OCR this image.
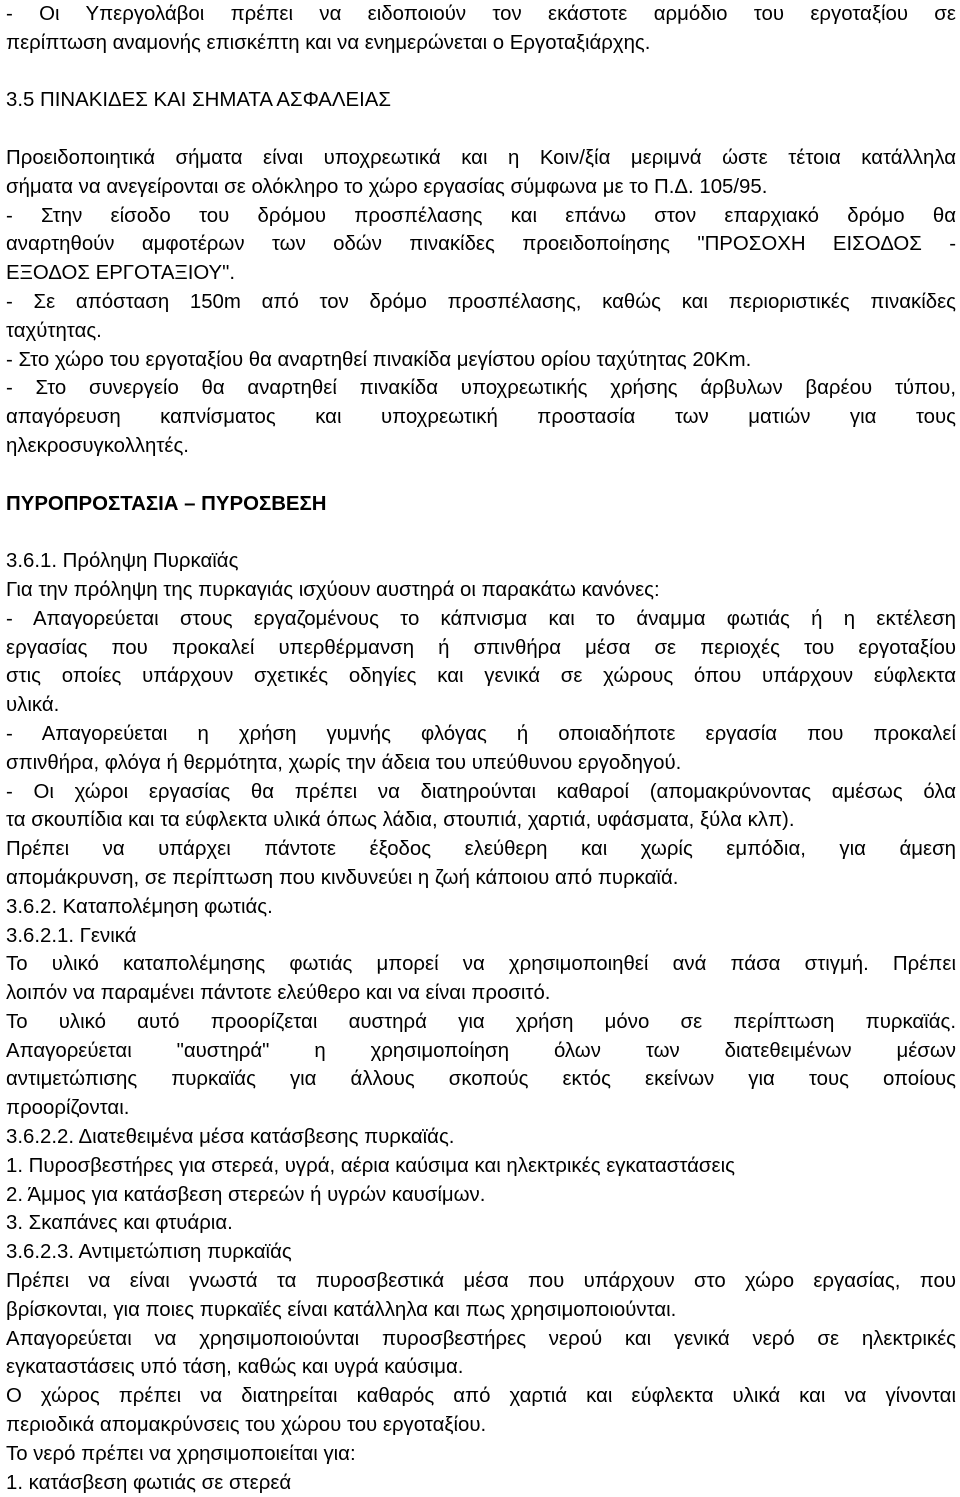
- Οι Υπεργολάβοι πρέπει να ειδοποιούν τον εκάστοτε αρμόδιο του εργοταξίου σε
περίπτωση αναμονής επισκέπτη και να ενημερώνεται ο Εργοταξιάρχης.
3.5 ΠΙΝΑΚΙΔΕΣ ΚΑΙ ΣΗΜΑΤΑ ΑΣΦΑΛΕΙΑΣ
Προειδοποιητικά σήματα είναι υποχρεωτικά και η Κοιν/ξία μεριμνά ώστε τέτοια κατάλληλα
σήματα να ανεγείρονται σε ολόκληρο το χώρο εργασίας σύμφωνα με το Π.Δ. 105/95.
- Στην είσοδο του δρόμου προσπέλασης και επάνω στον επαρχιακό δρόμο θα
αναρτηθούν αμφοτέρων των οδών πινακίδες προειδοποίησης "ΠΡΟΣΟΧΗ ΕΙΣΟΔΟΣ -
ΕΞΟΔΟΣ ΕΡΓΟΤΑΞΙΟΥ".
- Σε απόσταση 150m από τον δρόμο προσπέλασης, καθώς και περιοριστικές πινακίδες
ταχύτητας.
- Στο χώρο του εργοταξίου θα αναρτηθεί πινακίδα μεγίστου ορίου ταχύτητας 20Km.
- Στο συνεργείο θα αναρτηθεί πινακίδα υποχρεωτικής χρήσης άρβυλων βαρέου τύπου,
απαγόρευση καπνίσματος και υποχρεωτική προστασία των ματιών για τους
ηλεκροσυγκολλητές.
ΠΥΡΟΠΡΟΣΤΑΣΙΑ – ΠΥΡΟΣΒΕΣΗ
3.6.1. Πρόληψη Πυρκαϊάς
Για την πρόληψη της πυρκαγιάς ισχύουν αυστηρά οι παρακάτω κανόνες:
- Απαγορεύεται στους εργαζομένους το κάπνισμα και το άναμμα φωτιάς ή η εκτέλεση
εργασίας που προκαλεί υπερθέρμανση ή σπινθήρα μέσα σε περιοχές του εργοταξίου
στις οποίες υπάρχουν σχετικές οδηγίες και γενικά σε χώρους όπου υπάρχουν εύφλεκτα
υλικά.
- Απαγορεύεται η χρήση γυμνής φλόγας ή οποιαδήποτε εργασία που προκαλεί
σπινθήρα, φλόγα ή θερμότητα, χωρίς την άδεια του υπεύθυνου εργοδηγού.
- Οι χώροι εργασίας θα πρέπει να διατηρούνται καθαροί (απομακρύνοντας αμέσως όλα
τα σκουπίδια και τα εύφλεκτα υλικά όπως λάδια, στουπιά, χαρτιά, υφάσματα, ξύλα κλπ).
Πρέπει να υπάρχει πάντοτε έξοδος ελεύθερη και χωρίς εμπόδια, για άμεση
απομάκρυνση, σε περίπτωση που κινδυνεύει η ζωή κάποιου από πυρκαϊά.
3.6.2. Καταπολέμηση φωτιάς.
3.6.2.1. Γενικά
Το υλικό καταπολέμησης φωτιάς μπορεί να χρησιμοποιηθεί ανά πάσα στιγμή. Πρέπει
λοιπόν να παραμένει πάντοτε ελεύθερο και να είναι προσιτό.
Το υλικό αυτό προορίζεται αυστηρά για χρήση μόνο σε περίπτωση πυρκαϊάς.
Απαγορεύεται "αυστηρά" η χρησιμοποίηση όλων των διατεθειμένων μέσων
αντιμετώπισης πυρκαϊάς για άλλους σκοπούς εκτός εκείνων για τους οποίους
προορίζονται.
3.6.2.2. Διατεθειμένα μέσα κατάσβεσης πυρκαϊάς.
1. Πυροσβεστήρες για στερεά, υγρά, αέρια καύσιμα και ηλεκτρικές εγκαταστάσεις
2. Άμμος για κατάσβεση στερεών ή υγρών καυσίμων.
3. Σκαπάνες και φτυάρια.
3.6.2.3. Αντιμετώπιση πυρκαϊάς
Πρέπει να είναι γνωστά τα πυροσβεστικά μέσα που υπάρχουν στο χώρο εργασίας, που
βρίσκονται, για ποιες πυρκαϊές είναι κατάλληλα και πως χρησιμοποιούνται.
Απαγορεύεται να χρησιμοποιούνται πυροσβεστήρες νερού και γενικά νερό σε ηλεκτρικές
εγκαταστάσεις υπό τάση, καθώς και υγρά καύσιμα.
Ο χώρος πρέπει να διατηρείται καθαρός από χαρτιά και εύφλεκτα υλικά και να γίνονται
περιοδικά απομακρύνσεις του χώρου του εργοταξίου.
Το νερό πρέπει να χρησιμοποιείται για:
1. κατάσβεση φωτιάς σε στερεά
